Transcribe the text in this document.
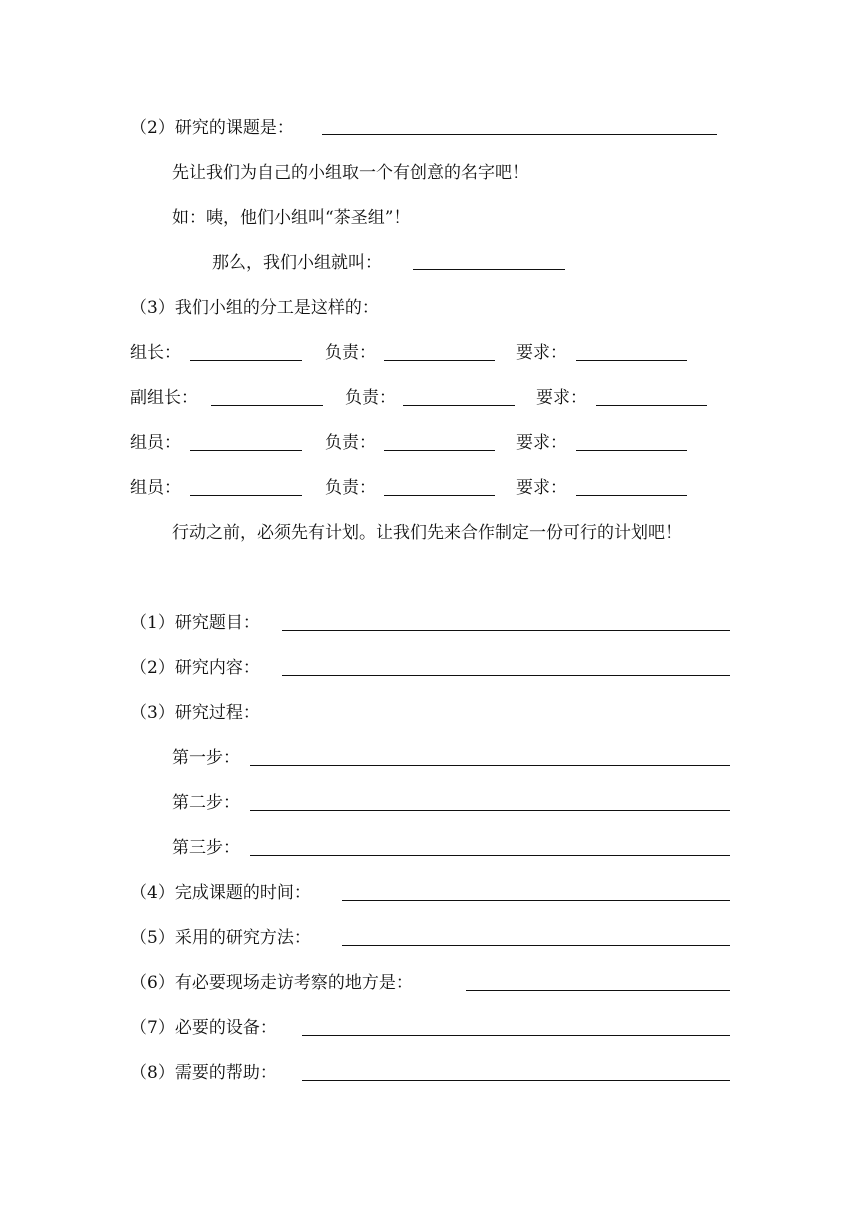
（2）研究的课题是：
先让我们为自己的小组取一个有创意的名字吧！
如：咦，他们小组叫“茶圣组”！
那么，我们小组就叫：
（3）我们小组的分工是这样的：
组长：	负责：	要求：
副组长：	负责：	要求：
组员：	负责：	要求：
组员：	负责：	要求：
行动之前，必须先有计划。让我们先来合作制定一份可行的计划吧！
（1）研究题目：
（2）研究内容：
（3）研究过程：
第一步：
第二步：
第三步：
（4）完成课题的时间：
（5）采用的研究方法：
（6）有必要现场走访考察的地方是：
（7）必要的设备：
（8）需要的帮助：
